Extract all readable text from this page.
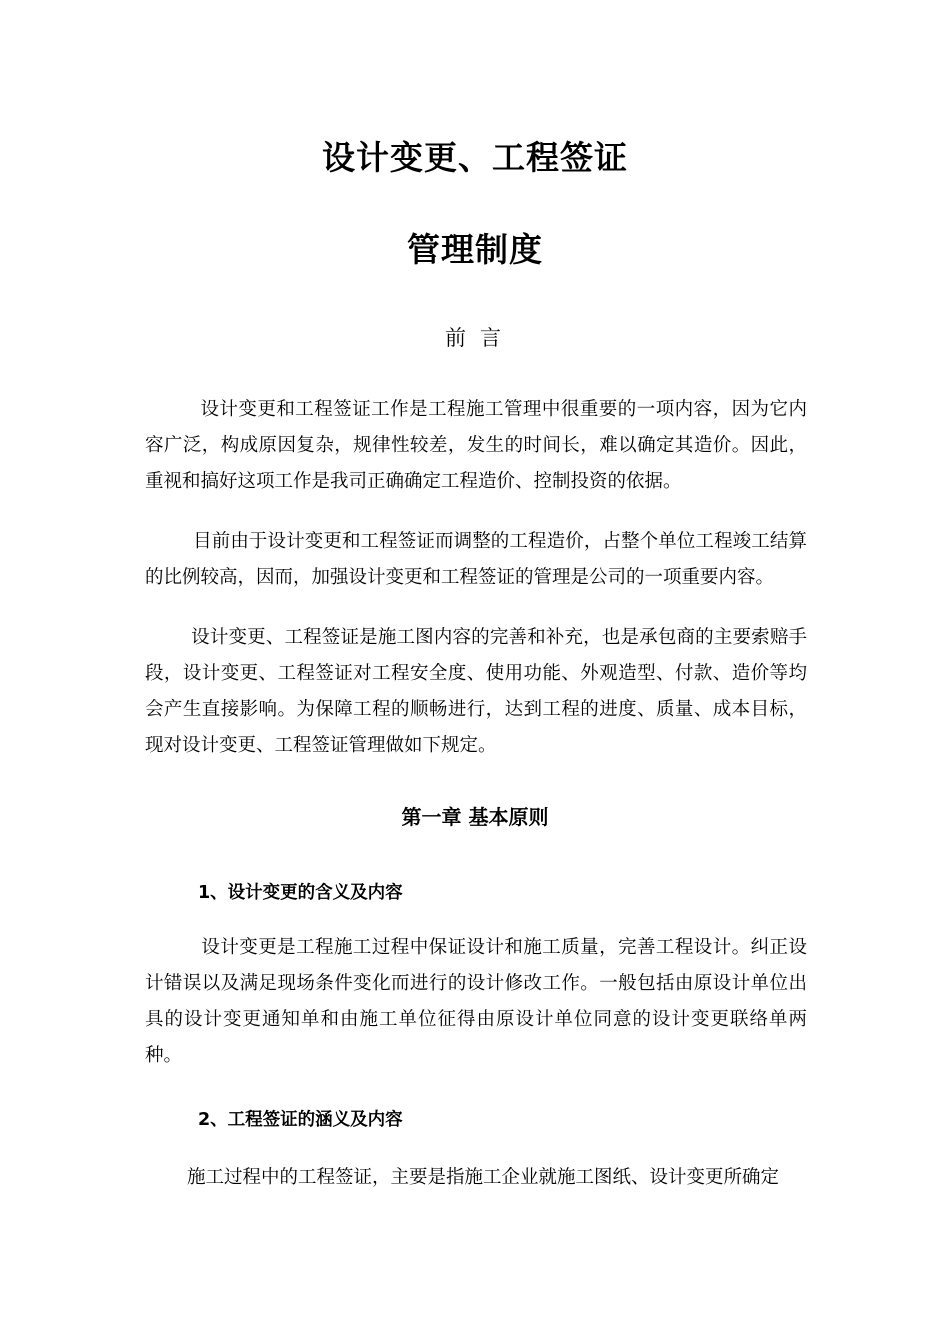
设计变更、工程签证
管理制度
前言
设计变更和工程签证工作是工程施工管理中很重要的一项内容，因为它内容广泛，构成原因复杂，规律性较差，发生的时间长，难以确定其造价。因此，重视和搞好这项工作是我司正确确定工程造价、控制投资的依据。
目前由于设计变更和工程签证而调整的工程造价，占整个单位工程竣工结算的比例较高，因而，加强设计变更和工程签证的管理是公司的一项重要内容。
设计变更、工程签证是施工图内容的完善和补充，也是承包商的主要索赔手段，设计变更、工程签证对工程安全度、使用功能、外观造型、付款、造价等均会产生直接影响。为保障工程的顺畅进行，达到工程的进度、质量、成本目标，现对设计变更、工程签证管理做如下规定。
第一章 基本原则
1、设计变更的含义及内容
设计变更是工程施工过程中保证设计和施工质量，完善工程设计。纠正设计错误以及满足现场条件变化而进行的设计修改工作。一般包括由原设计单位出具的设计变更通知单和由施工单位征得由原设计单位同意的设计变更联络单两种。
2、工程签证的涵义及内容
施工过程中的工程签证，主要是指施工企业就施工图纸、设计变更所确定
